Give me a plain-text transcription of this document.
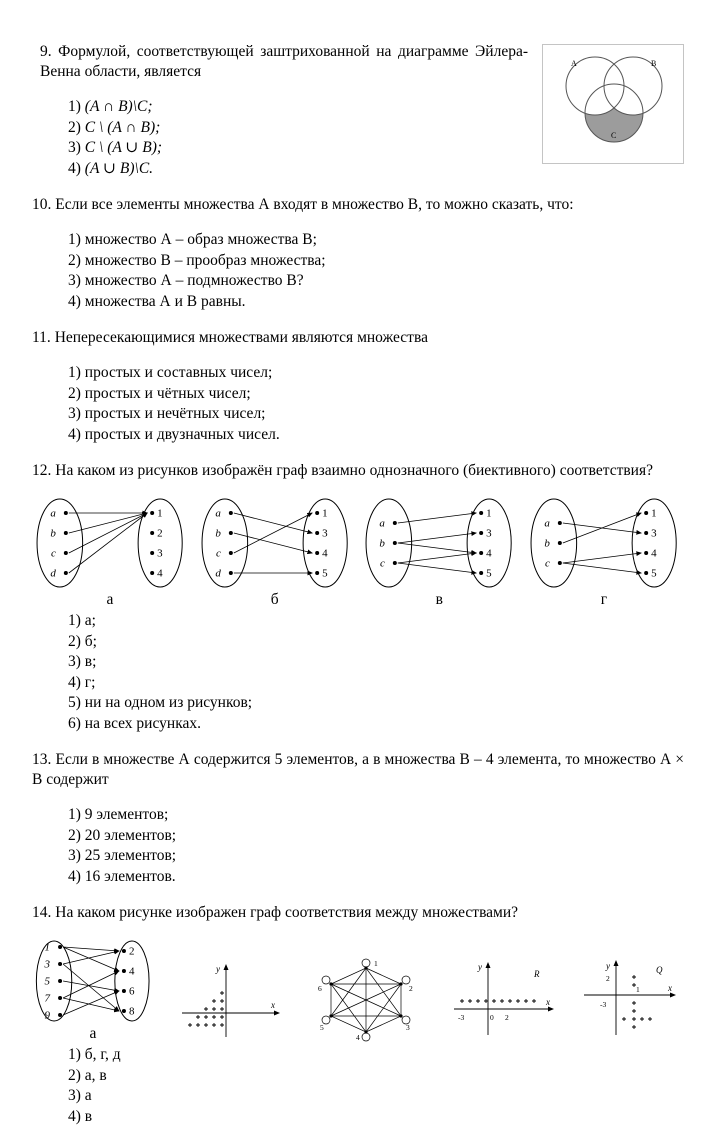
A	B
C

9. Формулой, соответствующей заштрихованной на диаграмме Эйлера-Венна области, является

1) (A ∩ B)\C;
2) C \ (A ∩ B);
3) C \ (A ∪ B);
4) (A ∪ B)\C.

10. Если все элементы множества А входят в множество В, то можно сказать, что:

1) множество А – образ множества В;
2) множество В – прообраз множества;
3) множество А – подмножество В?
4) множества А и В равны.

11. Непересекающимися множествами являются множества

1) простых и составных чисел;
2) простых и чётных чисел;
3) простых и нечётных чисел;
4) простых и двузначных чисел.

12. На каком из рисунков изображён граф взаимно однозначного (биективного) соответствия?

a
b
c
d
1
2
3
4
а
a
b
c
d
1
3
4
5
б
a
b
c
1
3
4
5
в
a
b
c
1
3
4
5
г
1) а;
2) б;
3) в;
4) г;
5) ни на одном из рисунков;
6) на всех рисунках.

13. Если в множестве А содержится 5 элементов, а в множества В – 4 элемента, то множество А × В содержит

1) 9 элементов;
2) 20 элементов;
3) 25 элементов;
4) 16 элементов.

14. На каком рисунке изображен граф соответствия между множествами?

1
3
5
7
9
2
4
6
8
а
у
х
1
2
3
4
5
6
у
х
R
-3	0 2
у
х
Q
2
1
-3
1) б, г, д
2) а, в
3) а
4) в
